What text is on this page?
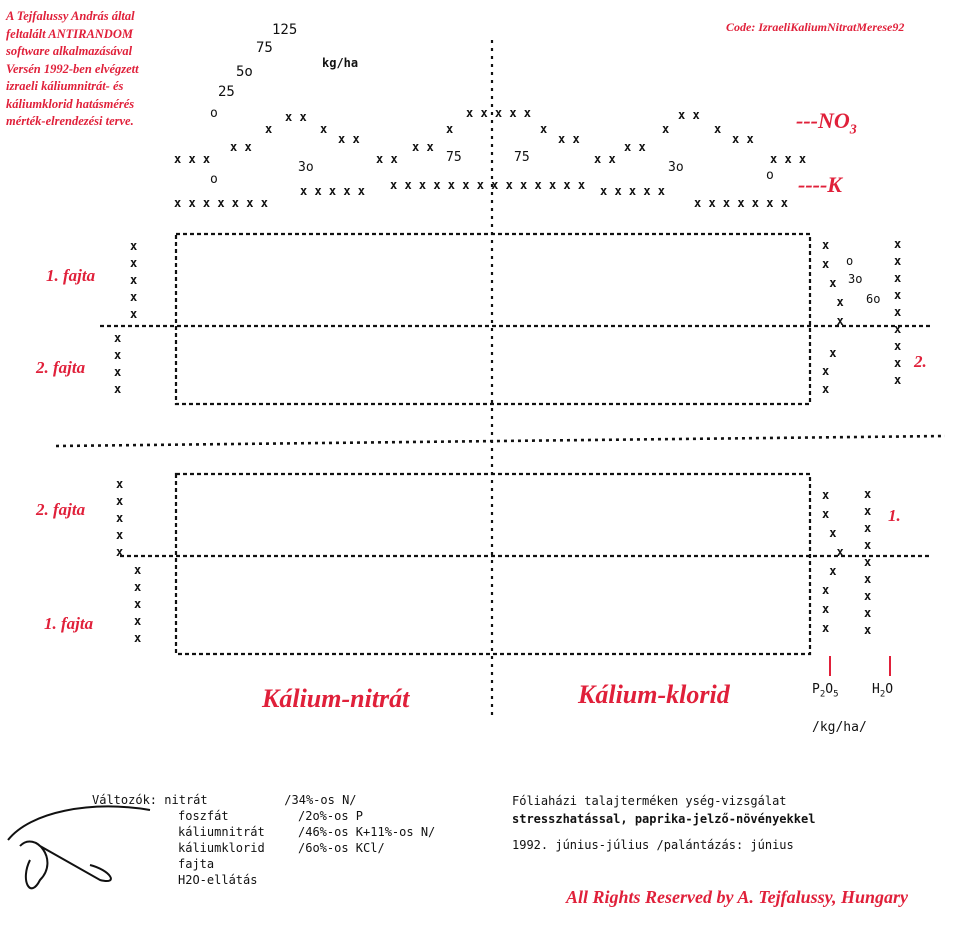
A Tejfalussy András által
feltalált ANTIRANDOM
software alkalmazásával
Versén 1992-ben elvégzett
izraeli káliumnitrát- és
káliumklorid hatásmérés
mérték-elrendezési terve.
Code: IzraeliKaliumNitratMerese92
x x x
x x
x
x x
x
x x
x x
x x
x
x x x x x
x
x x
x x
x x
x
x x
x
x x
x x x
x x x x x x x
x x x x x x x x x x x x x x x x x x x x x x x x
x x x x x x x
125
75
5o
25
o
o
kg/ha
3o
75	75
3o
o
$---NO_3$
----K
1. fajta
2. fajta
2. fajta
1. fajta
x
x
x
x
x
x
x
x
x
x
x
x
x
x
x
x
x
x
x
x
x
x
x
x
x
x
x
x
x
x
x
x
x
x
x
x
o
3o
6o
2.
x
x
x
x
x
x
x
x
x
x
x
x
x
x
x
x
x
1.
$P_2O_5$	$H_2O$
/kg/ha/
Kálium-nitrát	Kálium-klorid
Változók: nitrát	/34%-os N/
foszfát	/2o%-os P
káliumnitrát	/46%-os K+11%-os N/
káliumklorid	/6o%-os KCl/
fajta
H2O-ellátás
Fóliaházi talajterméken ység-vizsgálat
stresszhatással, paprika-jelző-növényekkel
1992. június-július /palántázás: június
All Rights Reserved by A. Tejfalussy, Hungary
